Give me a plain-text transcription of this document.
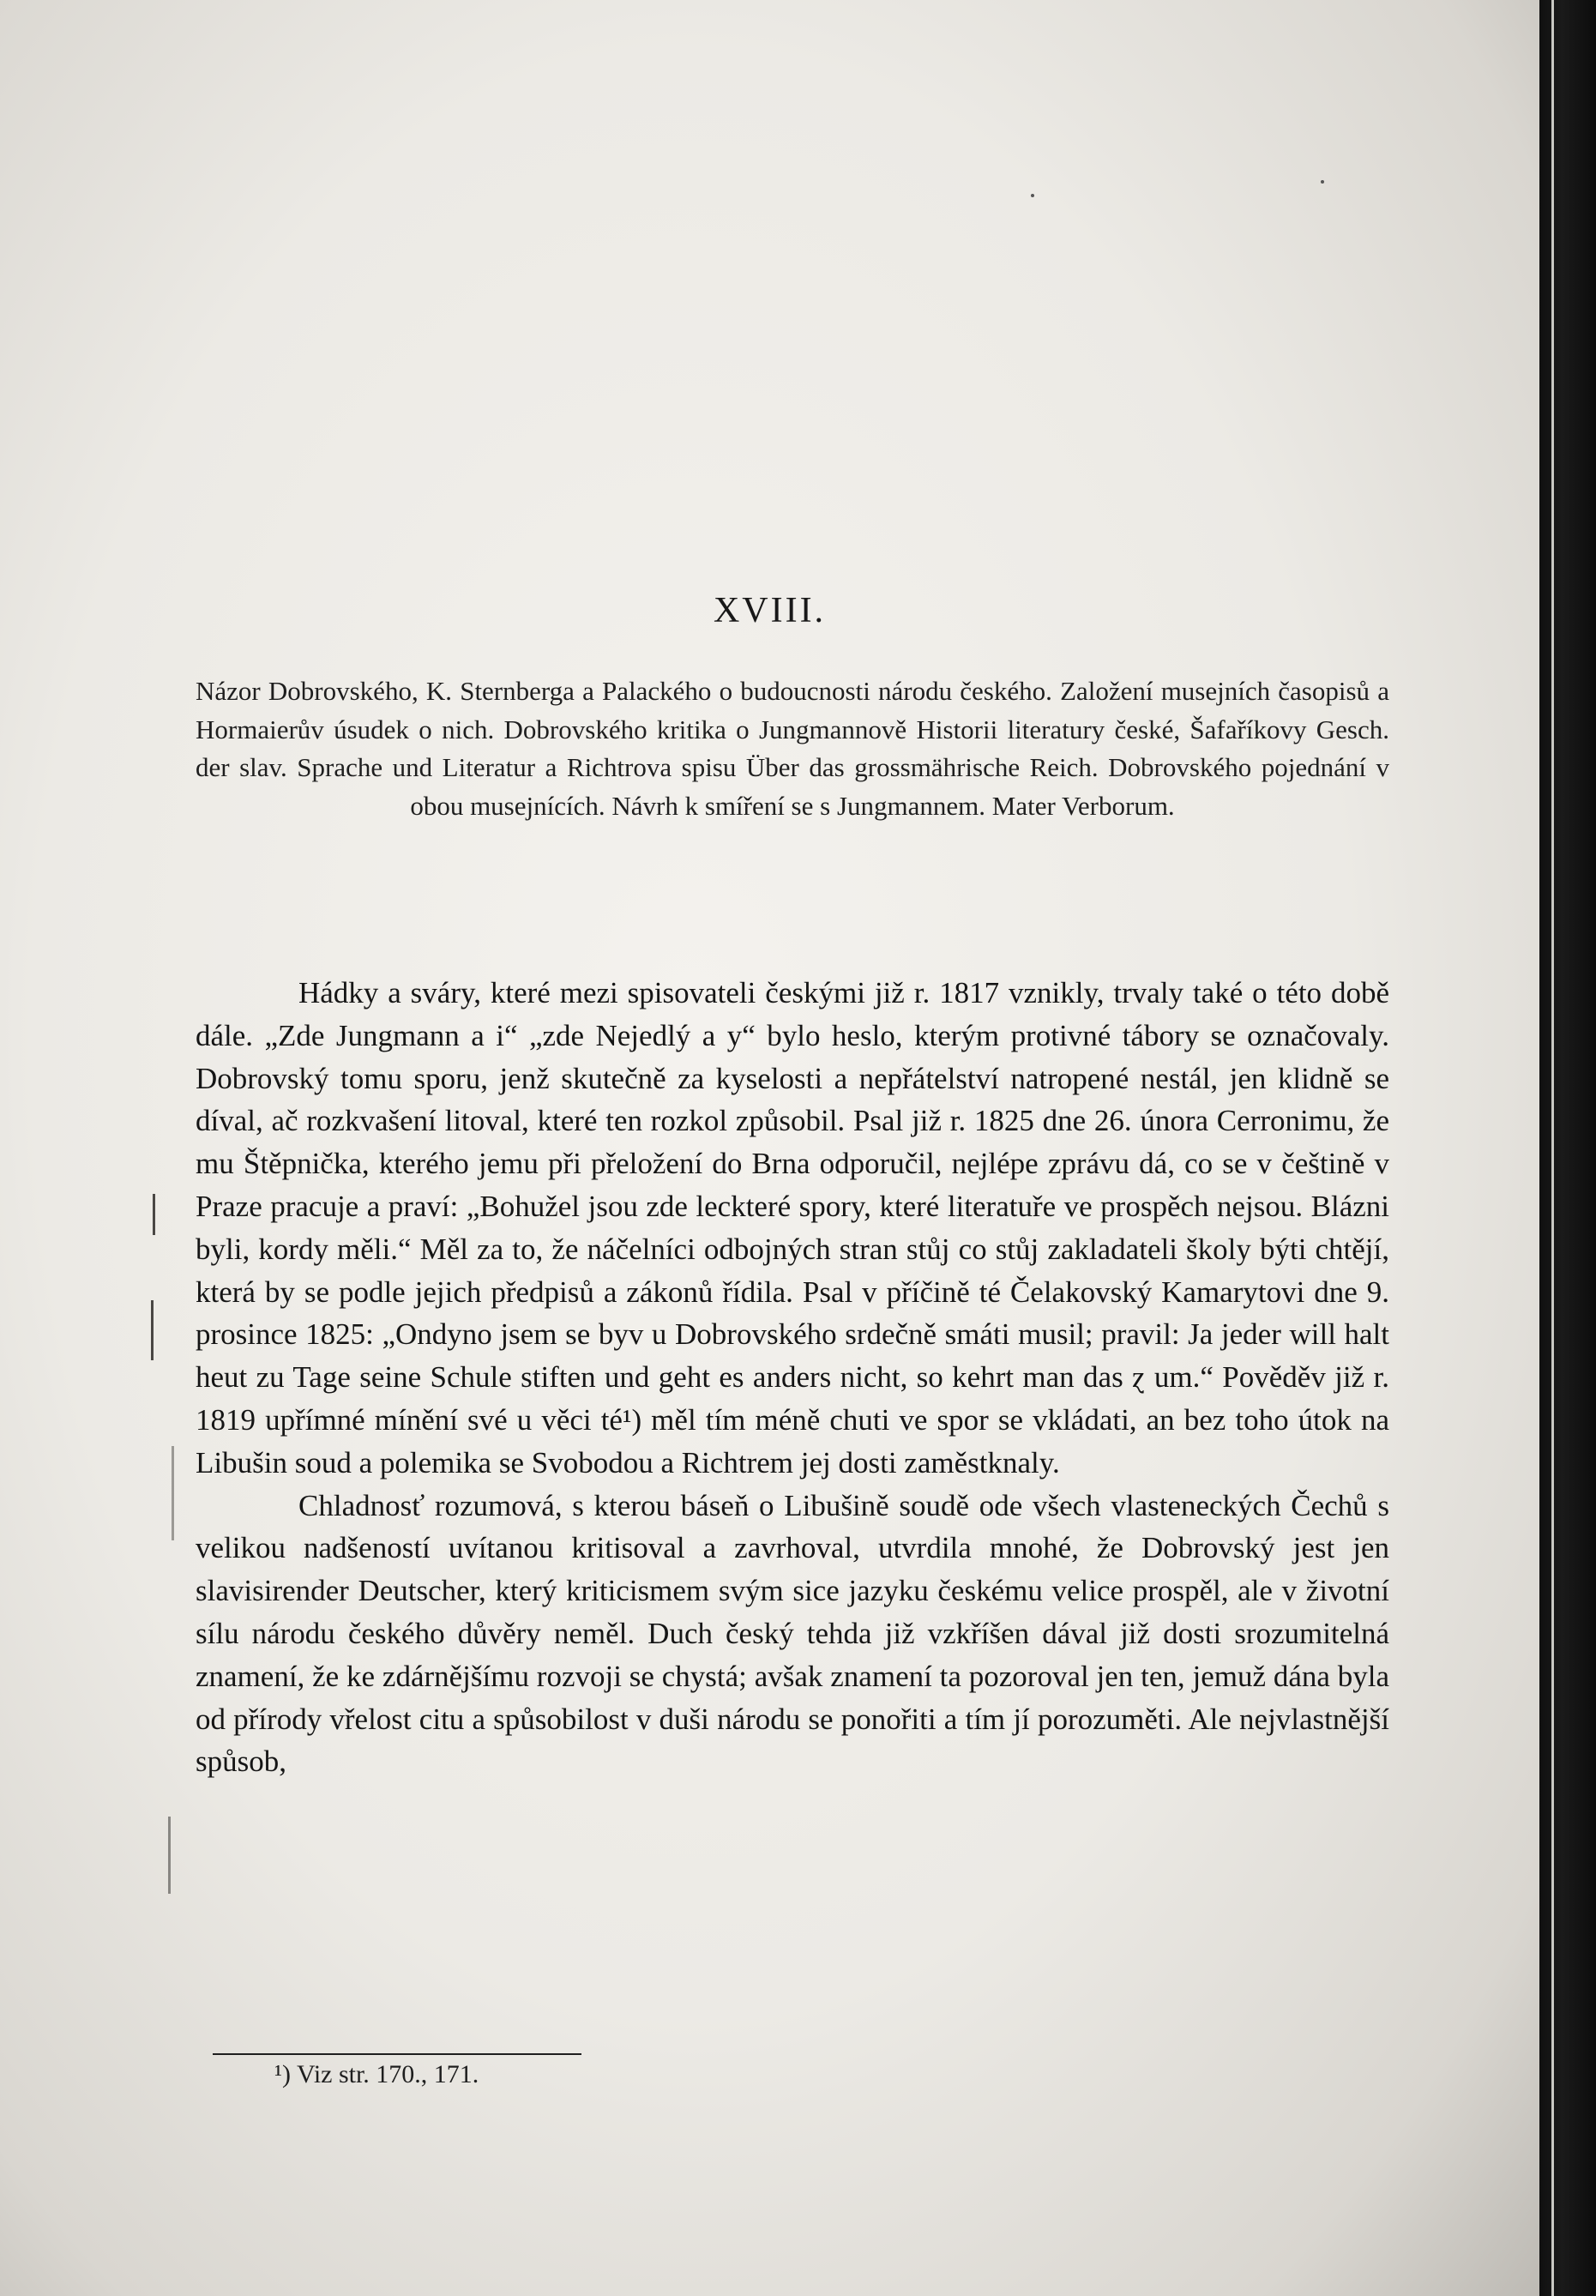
XVIII.
Názor Dobrovského, K. Sternberga a Palackého o budoucnosti národu českého. Založení musejních časopisů a Hormaierův úsudek o nich. Dobrovského kritika o Jungmannově Historii literatury české, Šafaříkovy Gesch. der slav. Sprache und Literatur a Richtrova spisu Über das grossmährische Reich. Dobrovského pojednání v obou musejnících. Návrh k smíření se s Jungmannem. Mater Verborum.

Hádky a sváry, které mezi spisovateli českými již r. 1817 vznikly, trvaly také o této době dále. „Zde Jungmann a i“ „zde Nejedlý a y“ bylo heslo, kterým protivné tábory se označovaly. Dobrovský tomu sporu, jenž skutečně za kyselosti a nepřátelství natropené nestál, jen klidně se díval, ač rozkvašení litoval, které ten rozkol způsobil. Psal již r. 1825 dne 26. února Cerronimu, že mu Štěpnička, kterého jemu při přeložení do Brna odporučil, nejlépe zprávu dá, co se v češtině v Praze pracuje a praví: „Bohužel jsou zde leckteré spory, které literatuře ve prospěch nejsou. Blázni byli, kordy měli.“ Měl za to, že náčelníci odbojných stran stůj co stůj zakladateli školy býti chtějí, která by se podle jejich předpisů a zákonů řídila. Psal v příčině té Čelakovský Kamarytovi dne 9. prosince 1825: „Ondyno jsem se byv u Dobrovského srdečně smáti musil; pravil: Ja jeder will halt heut zu Tage seine Schule stiften und geht es anders nicht, so kehrt man das ɀ um.“ Pověděv již r. 1819 upřímné mínění své u věci té¹) měl tím méně chuti ve spor se vkládati, an bez toho útok na Libušin soud a polemika se Svobodou a Richtrem jej dosti zaměstknaly.

Chladnosť rozumová, s kterou báseň o Libušině soudě ode všech vlasteneckých Čechů s velikou nadšeností uvítanou kritisoval a zavrhoval, utvrdila mnohé, že Dobrovský jest jen slavisirender Deutscher, který kriticismem svým sice jazyku českému velice prospěl, ale v životní sílu národu českého důvěry neměl. Duch český tehda již vzkříšen dával již dosti srozumitelná znamení, že ke zdárnějšímu rozvoji se chystá; avšak znamení ta pozoroval jen ten, jemuž dána byla od přírody vřelost citu a spůsobilost v duši národu se ponořiti a tím jí porozuměti. Ale nejvlastnější spůsob,

¹) Viz str. 170., 171.
